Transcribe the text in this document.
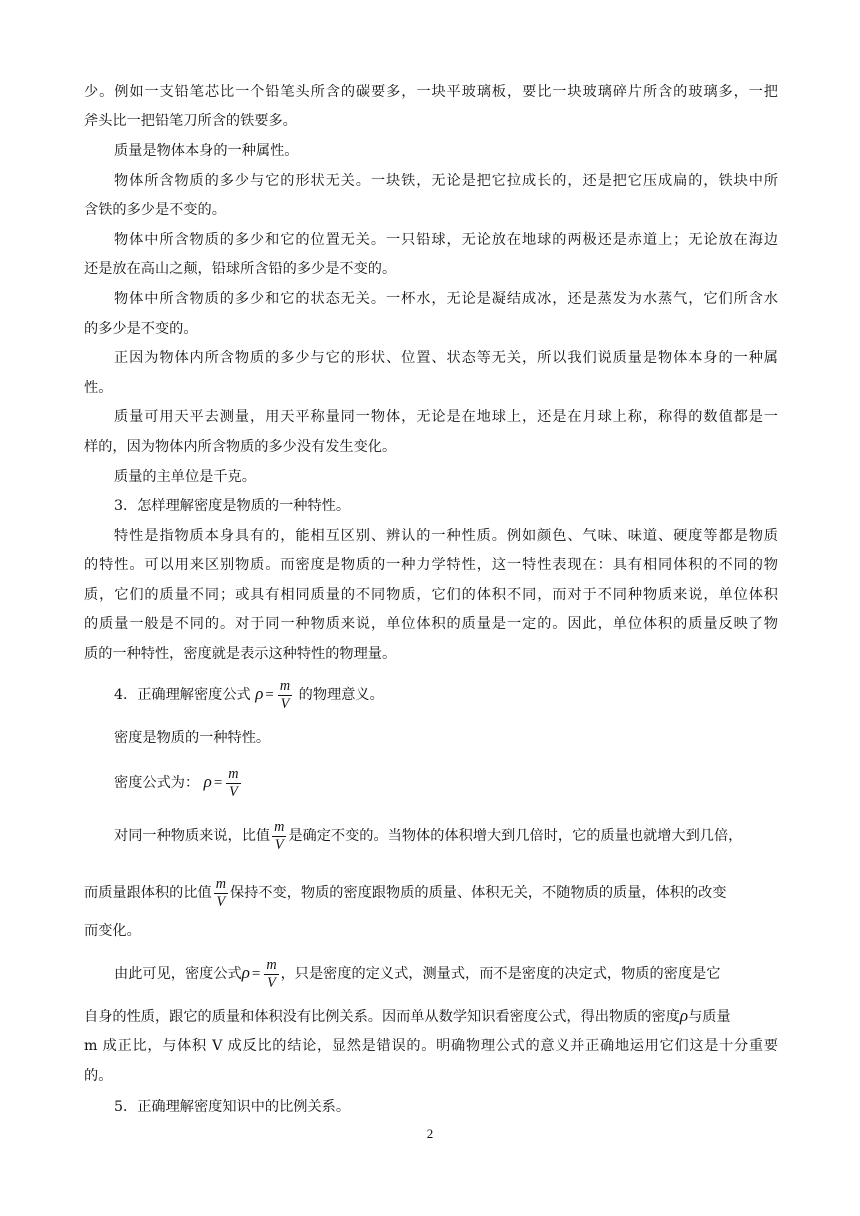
少。例如一支铅笔芯比一个铅笔头所含的碳要多，一块平玻璃板，要比一块玻璃碎片所含的玻璃多，一把
斧头比一把铅笔刀所含的铁要多。
质量是物体本身的一种属性。
物体所含物质的多少与它的形状无关。一块铁，无论是把它拉成长的，还是把它压成扁的，铁块中所
含铁的多少是不变的。
物体中所含物质的多少和它的位置无关。一只铅球，无论放在地球的两极还是赤道上；无论放在海边
还是放在高山之颠，铅球所含铅的多少是不变的。
物体中所含物质的多少和它的状态无关。一杯水，无论是凝结成冰，还是蒸发为水蒸气，它们所含水
的多少是不变的。
正因为物体内所含物质的多少与它的形状、位置、状态等无关，所以我们说质量是物体本身的一种属
性。
质量可用天平去测量，用天平称量同一物体，无论是在地球上，还是在月球上称，称得的数值都是一
样的，因为物体内所含物质的多少没有发生变化。
质量的主单位是千克。
3．怎样理解密度是物质的一种特性。
特性是指物质本身具有的，能相互区别、辨认的一种性质。例如颜色、气味、味道、硬度等都是物质
的特性。可以用来区别物质。而密度是物质的一种力学特性，这一特性表现在：具有相同体积的不同的物
质，它们的质量不同；或具有相同质量的不同物质，它们的体积不同，而对于不同种物质来说，单位体积
的质量一般是不同的。对于同一种物质来说，单位体积的质量是一定的。因此，单位体积的质量反映了物
质的一种特性，密度就是表示这种特性的物理量。
4．正确理解密度公式 $\rho = \frac{m}{V}$ 的物理意义。
密度是物质的一种特性。
密度公式为： $\rho = \frac{m}{V}$
对同一种物质来说，比值 $\frac{m}{V}$ 是确定不变的。当物体的体积增大到几倍时，它的质量也就增大到几倍，
而质量跟体积的比值 $\frac{m}{V}$ 保持不变，物质的密度跟物质的质量、体积无关，不随物质的质量，体积的改变
而变化。
由此可见，密度公式$\rho = \frac{m}{V}$ ，只是密度的定义式，测量式，而不是密度的决定式，物质的密度是它
自身的性质，跟它的质量和体积没有比例关系。因而单从数学知识看密度公式，得出物质的密度ρ与质量
m 成正比，与体积 V 成反比的结论，显然是错误的。明确物理公式的意义并正确地运用它们这是十分重要
的。
5．正确理解密度知识中的比例关系。
2
